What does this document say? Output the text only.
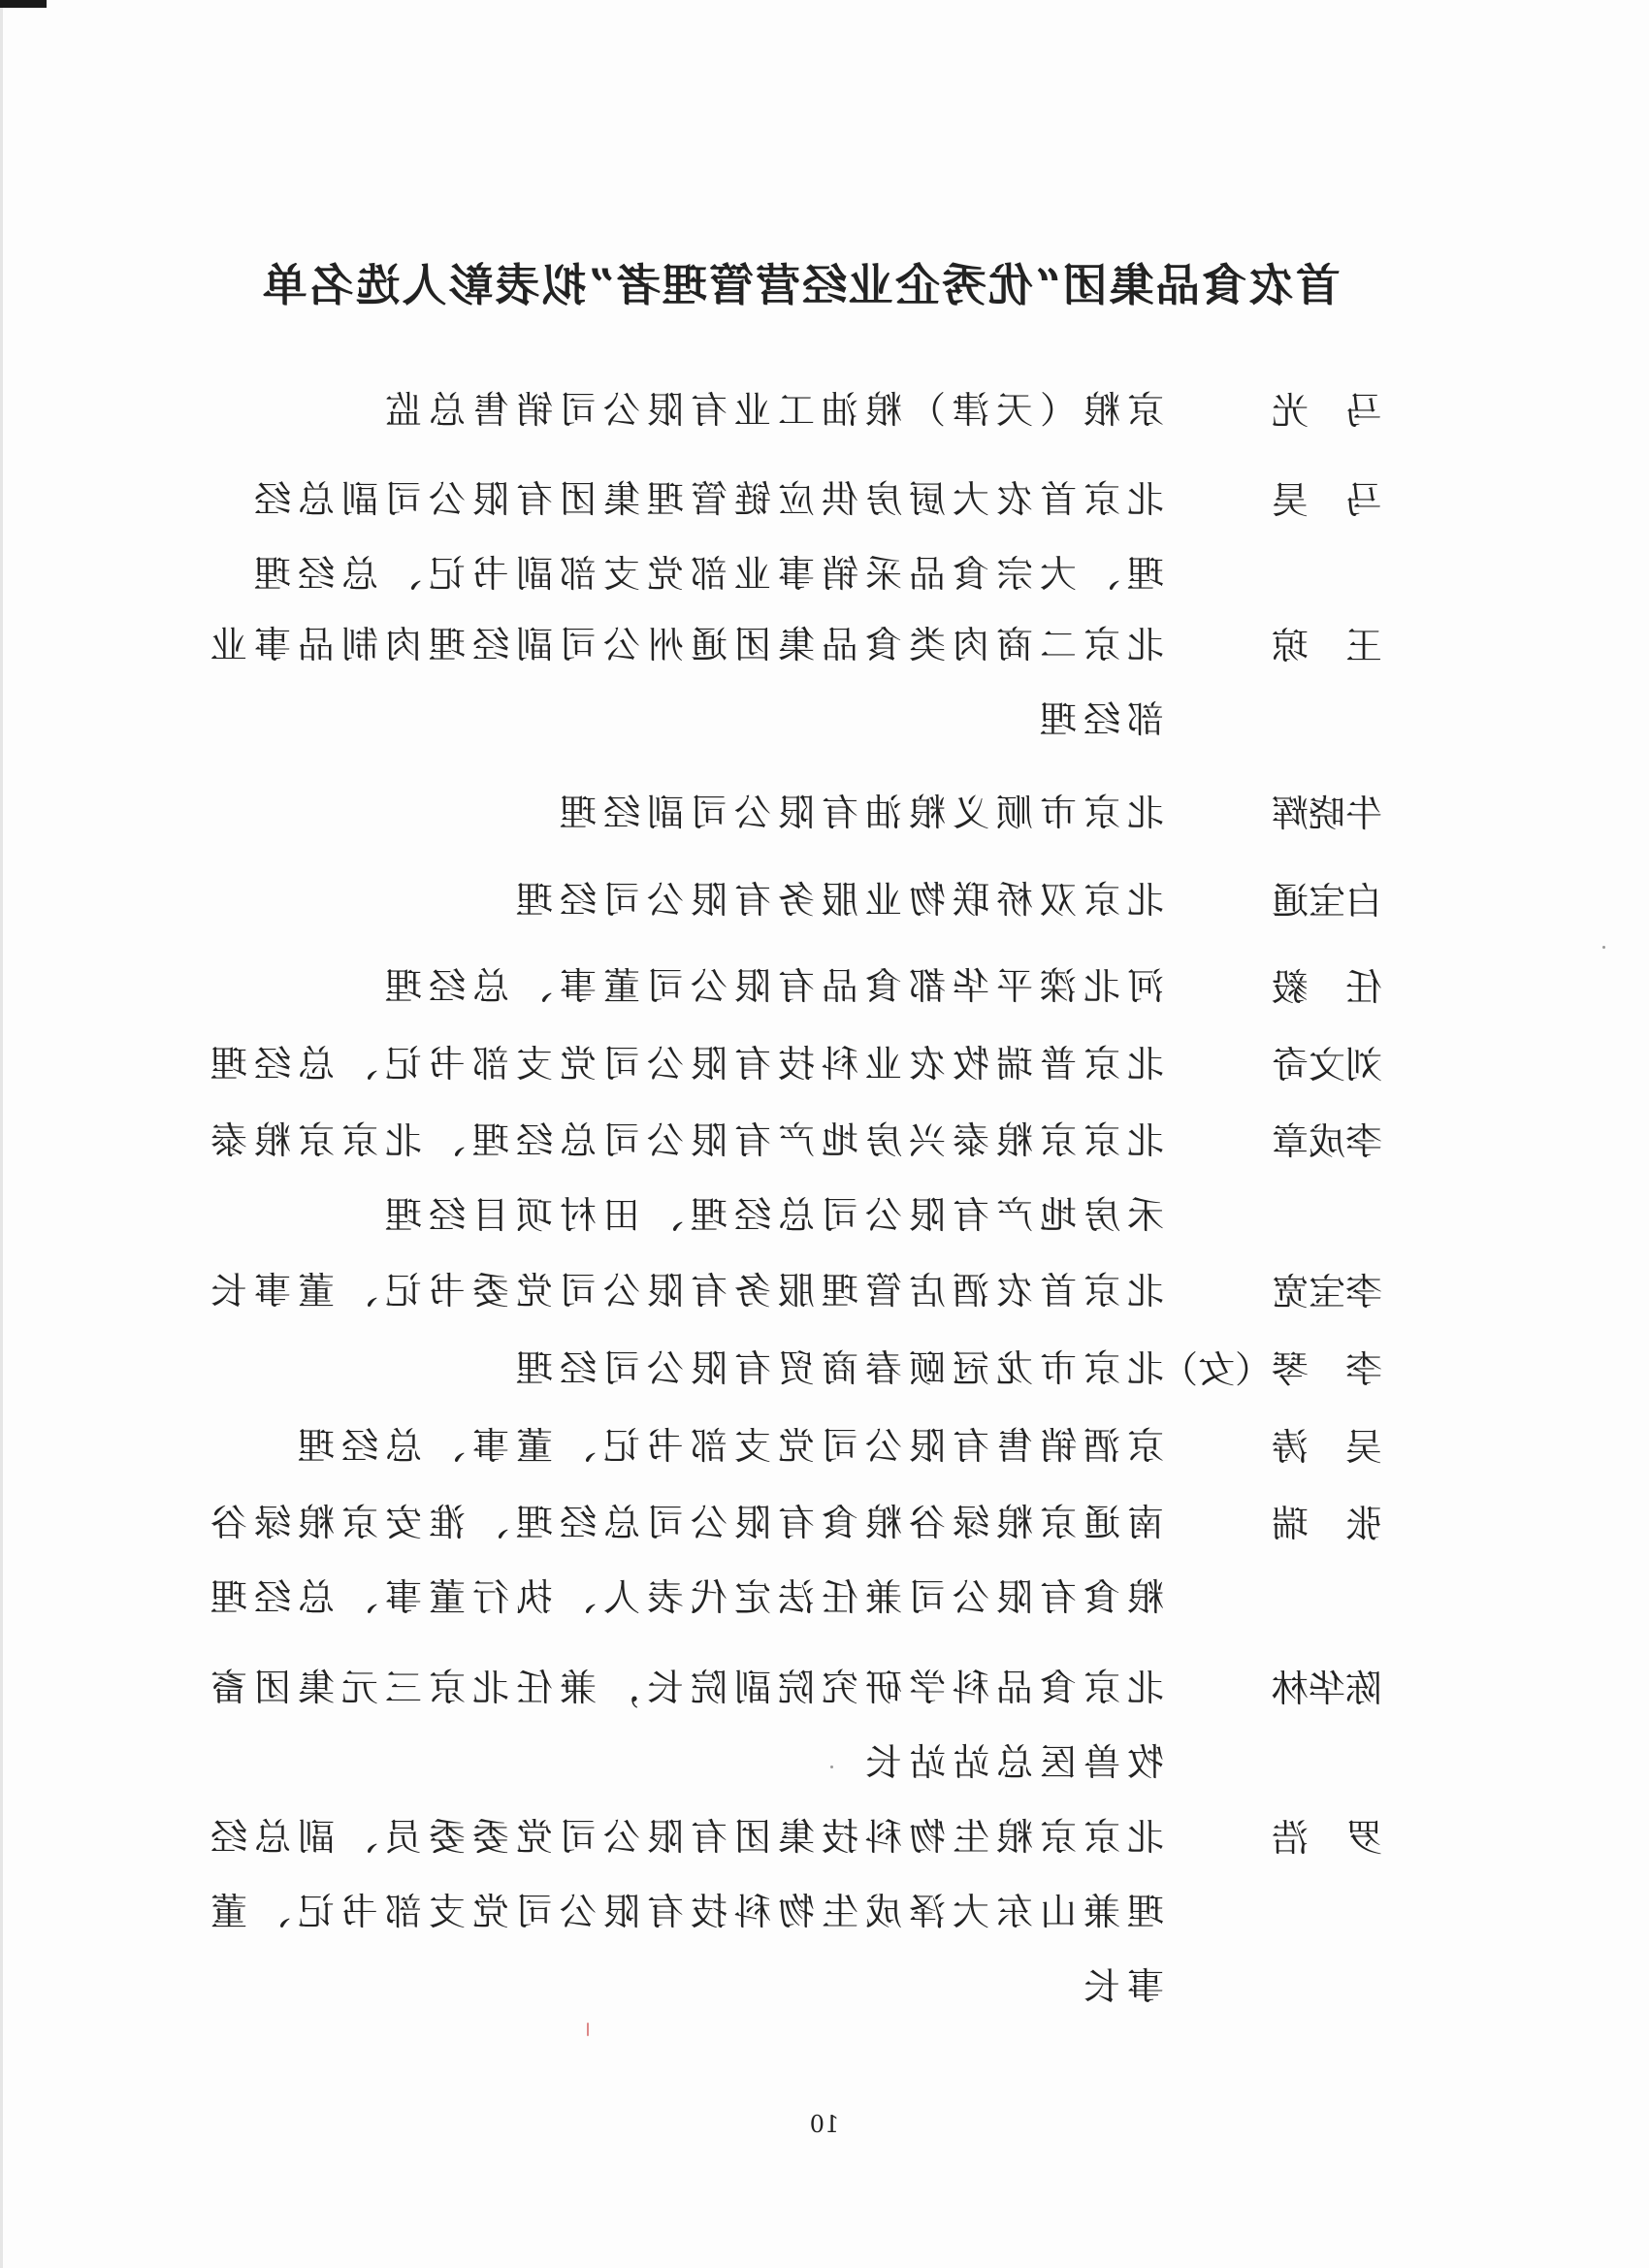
首农食品集团“优秀企业经营管理者”拟表彰人选名单
马　光
京粮（天津）粮油工业有限公司销售总监
马　昊
北京首农大厨房供应链管理集团有限公司副总经理、大宗食品采销事业部党支部副书记、总经理
王　琼
北京二商肉类食品集团通州公司副经理肉制品事业部经理
牛晓辉
北京市顺义粮油有限公司副经理
白宝通
北京双桥联物业服务有限公司经理
任　毅
河北滦平华都食品有限公司董事、总经理
刘文奇
北京普瑞牧农业科技有限公司党支部书记、总经理
李成章
北京京粮泰兴房地产有限公司总经理、北京京粮泰禾房地产有限公司总经理、田村项目经理
李宝宽
北京首农酒店管理服务有限公司党委书记、董事长
李　琴（女）
北京市龙冠颐春商贸有限公司经理
吴　涛
京酒销售有限公司党支部书记、董事、总经理
张　瑞
南通京粮绿谷粮食有限公司总经理、淮安京粮绿谷粮食有限公司兼任法定代表人、执行董事、总经理
陈华林
北京食品科学研究院副院长，兼任北京三元集团畜牧兽医总站站长
罗　浩
北京京粮生物科技集团有限公司党委委员、副总经理兼山东大泽成生物科技有限公司党支部书记、董事长
10
